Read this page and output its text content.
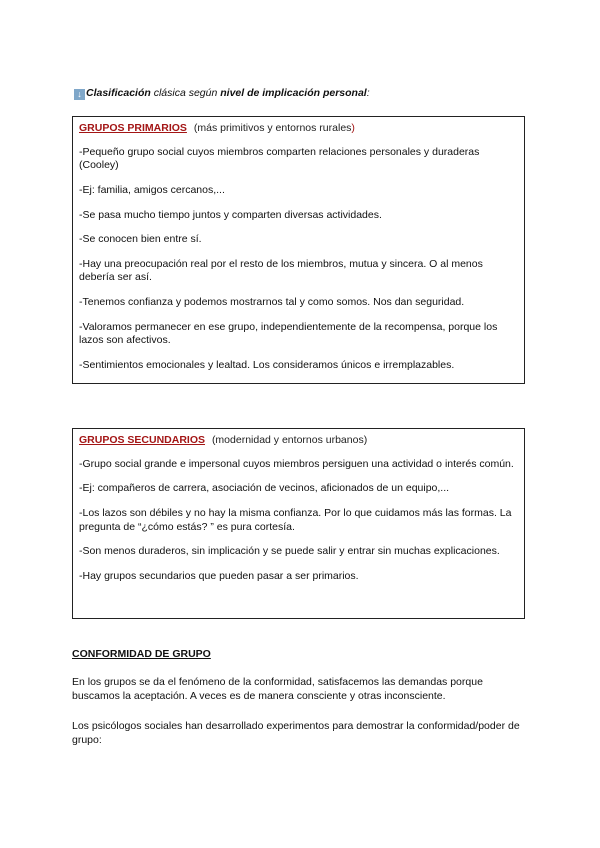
↓ Clasificación clásica según nivel de implicación personal:
GRUPOS PRIMARIOS (más primitivos y entornos rurales)

-Pequeño grupo social cuyos miembros comparten relaciones personales y duraderas (Cooley)

-Ej: familia, amigos cercanos,...

-Se pasa mucho tiempo juntos y comparten diversas actividades.

-Se conocen bien entre sí.

-Hay una preocupación real por el resto de los miembros, mutua y sincera. O al menos debería ser así.

-Tenemos confianza y podemos mostrarnos tal y como somos. Nos dan seguridad.

-Valoramos permanecer en ese grupo, independientemente de la recompensa, porque los lazos son afectivos.

-Sentimientos emocionales y lealtad. Los consideramos únicos e irremplazables.

GRUPOS SECUNDARIOS (modernidad y entornos urbanos)

-Grupo social grande e impersonal cuyos miembros persiguen una actividad o interés común.

-Ej: compañeros de carrera, asociación de vecinos, aficionados de un equipo,...

-Los lazos son débiles y no hay la misma confianza. Por lo que cuidamos más las formas. La pregunta de “¿cómo estás? ” es pura cortesía.

-Son menos duraderos, sin implicación y se puede salir y entrar sin muchas explicaciones.

-Hay grupos secundarios que pueden pasar a ser primarios.

CONFORMIDAD DE GRUPO

En los grupos se da el fenómeno de la conformidad, satisfacemos las demandas porque buscamos la aceptación. A veces es de manera consciente y otras inconsciente.

Los psicólogos sociales han desarrollado experimentos para demostrar la conformidad/poder de grupo:
